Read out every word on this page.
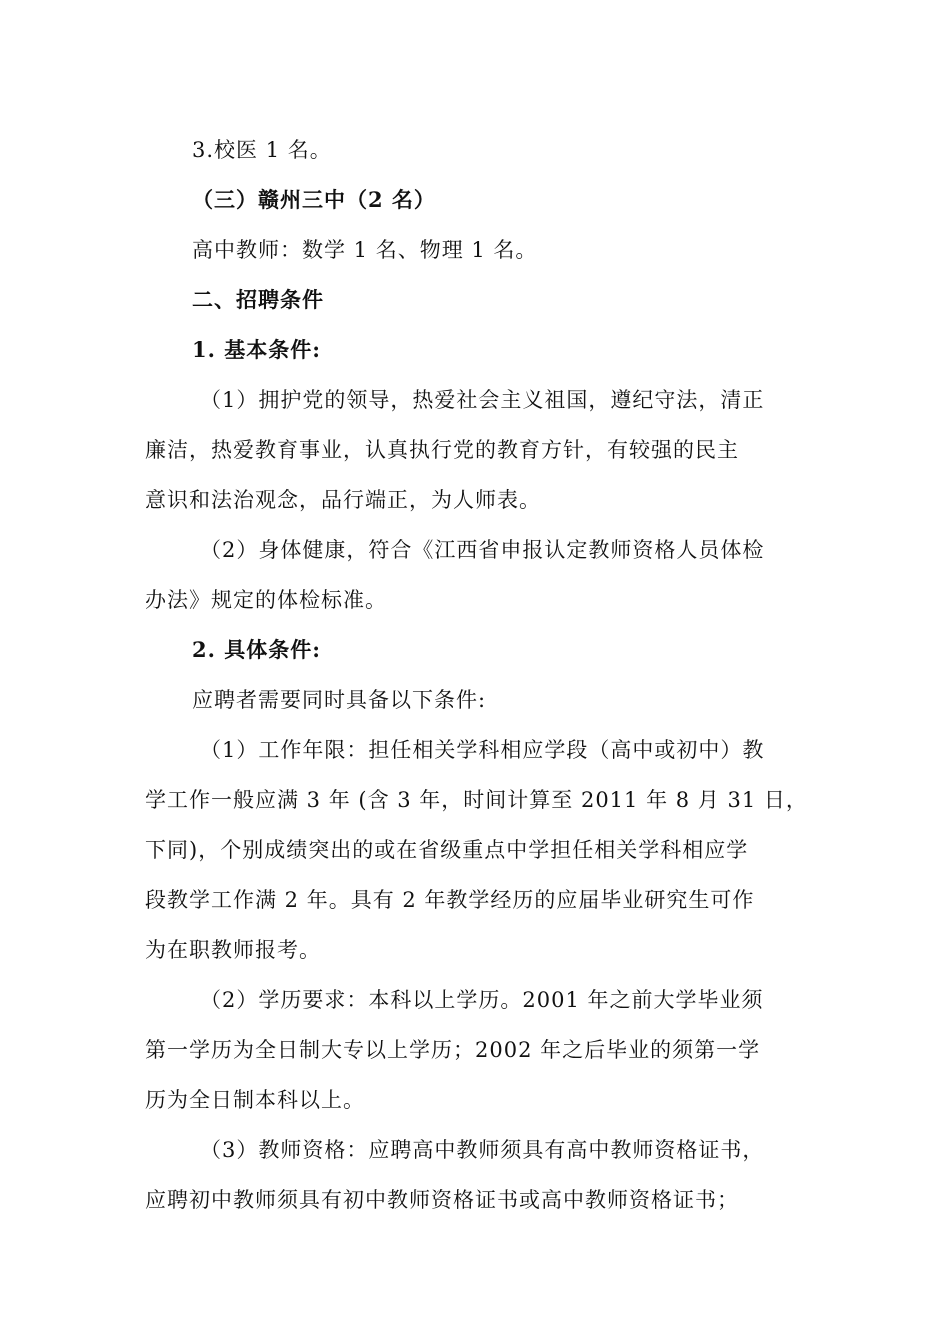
3.校医 1 名。
（三）赣州三中（2 名）
高中教师：数学 1 名、物理 1 名。
二、招聘条件
1. 基本条件:
（1）拥护党的领导，热爱社会主义祖国，遵纪守法，清正
廉洁，热爱教育事业，认真执行党的教育方针，有较强的民主
意识和法治观念，品行端正，为人师表。
（2）身体健康，符合《江西省申报认定教师资格人员体检
办法》规定的体检标准。
2. 具体条件:
应聘者需要同时具备以下条件:
（1）工作年限：担任相关学科相应学段（高中或初中）教
学工作一般应满 3 年 (含 3 年，时间计算至 2011 年 8 月 31 日，
下同)，个别成绩突出的或在省级重点中学担任相关学科相应学
段教学工作满 2 年。具有 2 年教学经历的应届毕业研究生可作
为在职教师报考。
（2）学历要求：本科以上学历。2001 年之前大学毕业须
第一学历为全日制大专以上学历；2002 年之后毕业的须第一学
历为全日制本科以上。
（3）教师资格：应聘高中教师须具有高中教师资格证书，
应聘初中教师须具有初中教师资格证书或高中教师资格证书；
